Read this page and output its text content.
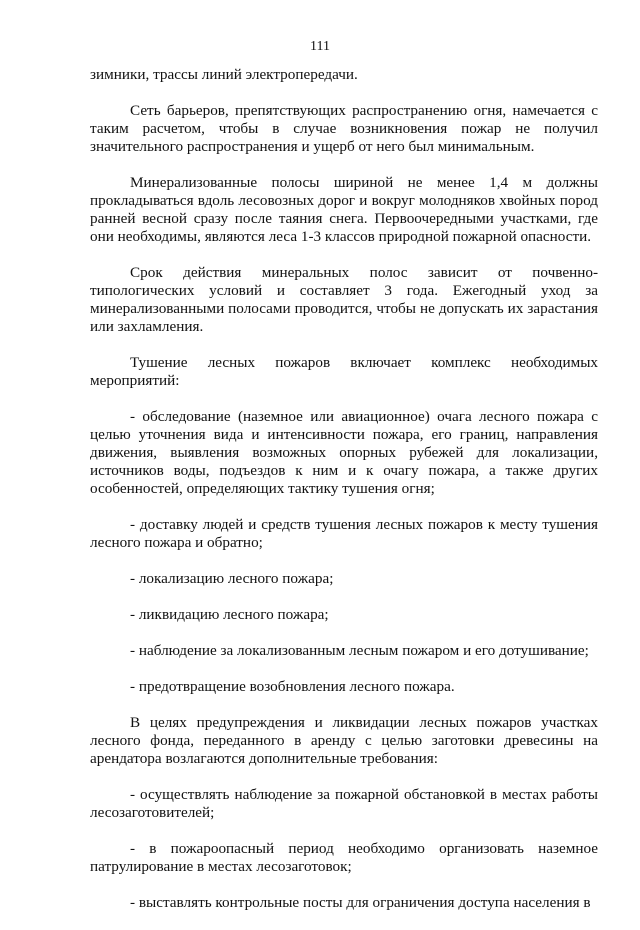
111

зимники, трассы линий электропередачи.

Сеть барьеров, препятствующих распространению огня, намечается с таким расчетом, чтобы в случае возникновения пожар не получил значительного распространения и ущерб от него был минимальным.

Минерализованные полосы шириной не менее 1,4 м должны прокладываться вдоль лесовозных дорог и вокруг молодняков хвойных пород ранней весной сразу после таяния снега. Первоочередными участками, где они необходимы, являются леса 1-3 классов природной пожарной опасности.

Срок действия минеральных полос зависит от почвенно-типологических условий и составляет 3 года. Ежегодный уход за минерализованными полосами проводится, чтобы не допускать их зарастания или захламления.

Тушение лесных пожаров включает комплекс необходимых мероприятий:

- обследование (наземное или авиационное) очага лесного пожара с целью уточнения вида и интенсивности пожара, его границ, направления движения, выявления возможных опорных рубежей для локализации, источников воды, подъездов к ним и к очагу пожара, а также других особенностей, определяющих тактику тушения огня;

- доставку людей и средств тушения лесных пожаров к месту тушения лесного пожара и обратно;

- локализацию лесного пожара;

- ликвидацию лесного пожара;

- наблюдение за локализованным лесным пожаром и его дотушивание;

- предотвращение возобновления лесного пожара.

В целях предупреждения и ликвидации лесных пожаров участках лесного фонда, переданного в аренду с целью заготовки древесины на арендатора возлагаются дополнительные требования:

- осуществлять наблюдение за пожарной обстановкой в местах работы лесозаготовителей;

- в пожароопасный период необходимо организовать наземное патрулирование в местах лесозаготовок;

- выставлять контрольные посты для ограничения доступа населения в
